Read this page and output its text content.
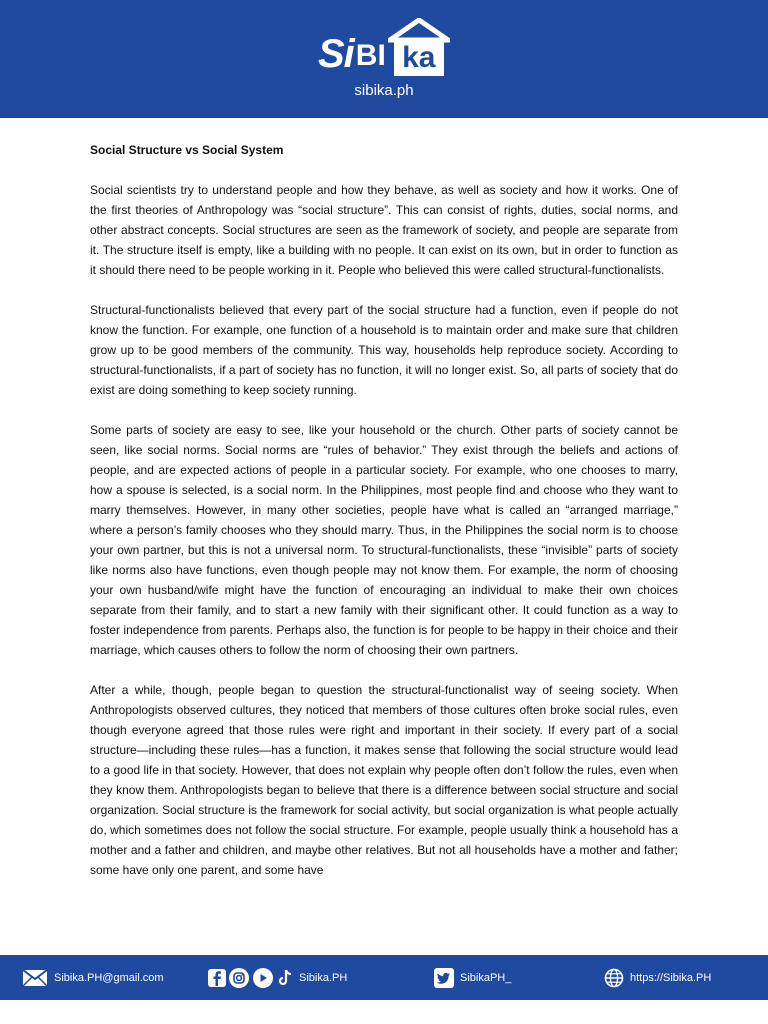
Si BI ka
sibika.ph

Social Structure vs Social System

Social scientists try to understand people and how they behave, as well as society and how it works. One of the first theories of Anthropology was “social structure”. This can consist of rights, duties, social norms, and other abstract concepts. Social structures are seen as the framework of society, and people are separate from it. The structure itself is empty, like a building with no people. It can exist on its own, but in order to function as it should there need to be people working in it. People who believed this were called structural-functionalists.

Structural-functionalists believed that every part of the social structure had a function, even if people do not know the function. For example, one function of a household is to maintain order and make sure that children grow up to be good members of the community. This way, households help reproduce society. According to structural-functionalists, if a part of society has no function, it will no longer exist. So, all parts of society that do exist are doing something to keep society running.

Some parts of society are easy to see, like your household or the church. Other parts of society cannot be seen, like social norms. Social norms are “rules of behavior.” They exist through the beliefs and actions of people, and are expected actions of people in a particular society. For example, who one chooses to marry, how a spouse is selected, is a social norm. In the Philippines, most people find and choose who they want to marry themselves. However, in many other societies, people have what is called an “arranged marriage,” where a person’s family chooses who they should marry. Thus, in the Philippines the social norm is to choose your own partner, but this is not a universal norm. To structural-functionalists, these “invisible” parts of society like norms also have functions, even though people may not know them. For example, the norm of choosing your own husband/wife might have the function of encouraging an individual to make their own choices separate from their family, and to start a new family with their significant other. It could function as a way to foster independence from parents. Perhaps also, the function is for people to be happy in their choice and their marriage, which causes others to follow the norm of choosing their own partners.

After a while, though, people began to question the structural-functionalist way of seeing society. When Anthropologists observed cultures, they noticed that members of those cultures often broke social rules, even though everyone agreed that those rules were right and important in their society. If every part of a social structure—including these rules—has a function, it makes sense that following the social structure would lead to a good life in that society. However, that does not explain why people often don’t follow the rules, even when they know them. Anthropologists began to believe that there is a difference between social structure and social organization. Social structure is the framework for social activity, but social organization is what people actually do, which sometimes does not follow the social structure. For example, people usually think a household has a mother and a father and children, and maybe other relatives. But not all households have a mother and father; some have only one parent, and some have

Sibika.PH@gmail.com	Sibika.PH	SibikaPH_	https://Sibika.PH
